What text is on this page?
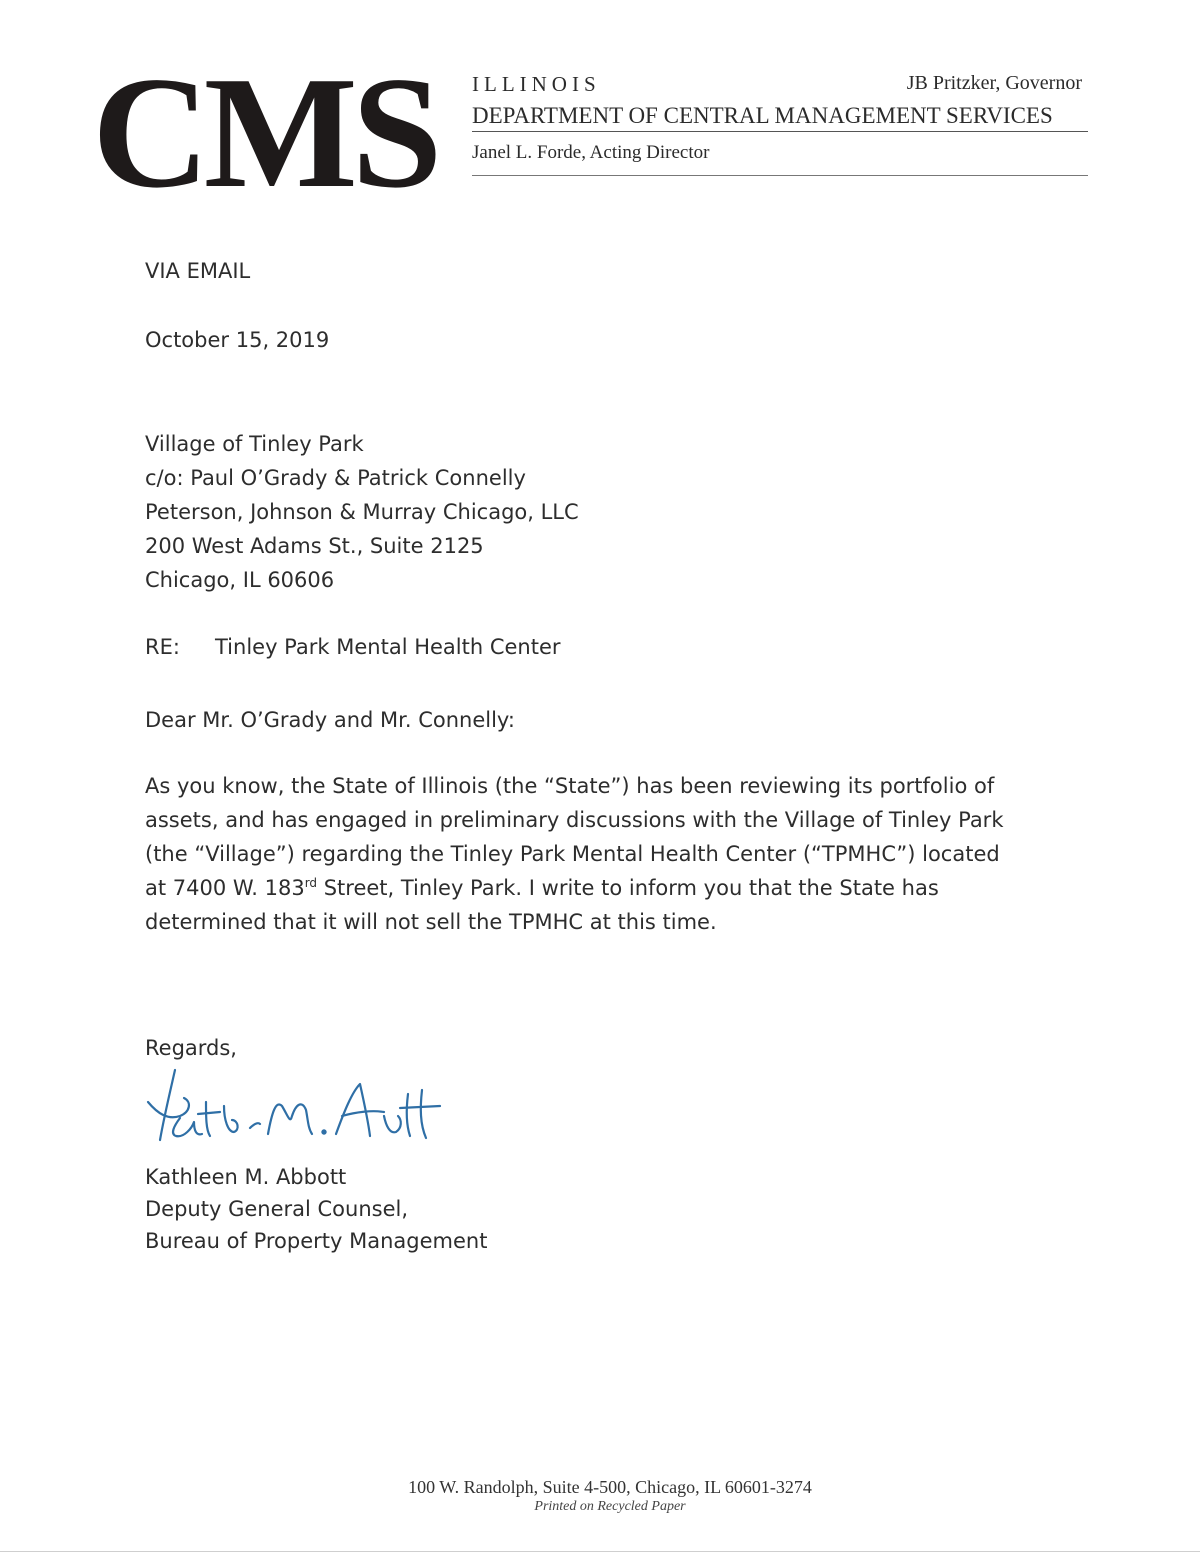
CMS ILLINOIS	JB Pritzker, Governor
DEPARTMENT OF CENTRAL MANAGEMENT SERVICES
Janel L. Forde, Acting Director
VIA EMAIL
October 15, 2019
Village of Tinley Park
c/o: Paul O’Grady & Patrick Connelly
Peterson, Johnson & Murray Chicago, LLC
200 West Adams St., Suite 2125
Chicago, IL 60606
RE: Tinley Park Mental Health Center
Dear Mr. O’Grady and Mr. Connelly:
As you know, the State of Illinois (the “State”) has been reviewing its portfolio of
assets, and has engaged in preliminary discussions with the Village of Tinley Park
(the “Village”) regarding the Tinley Park Mental Health Center (“TPMHC”) located
at 7400 W. 183rd Street, Tinley Park. I write to inform you that the State has
determined that it will not sell the TPMHC at this time.
Regards,
Kath M. Abbott
Kathleen M. Abbott
Deputy General Counsel,
Bureau of Property Management
100 W. Randolph, Suite 4-500, Chicago, IL 60601-3274
Printed on Recycled Paper
